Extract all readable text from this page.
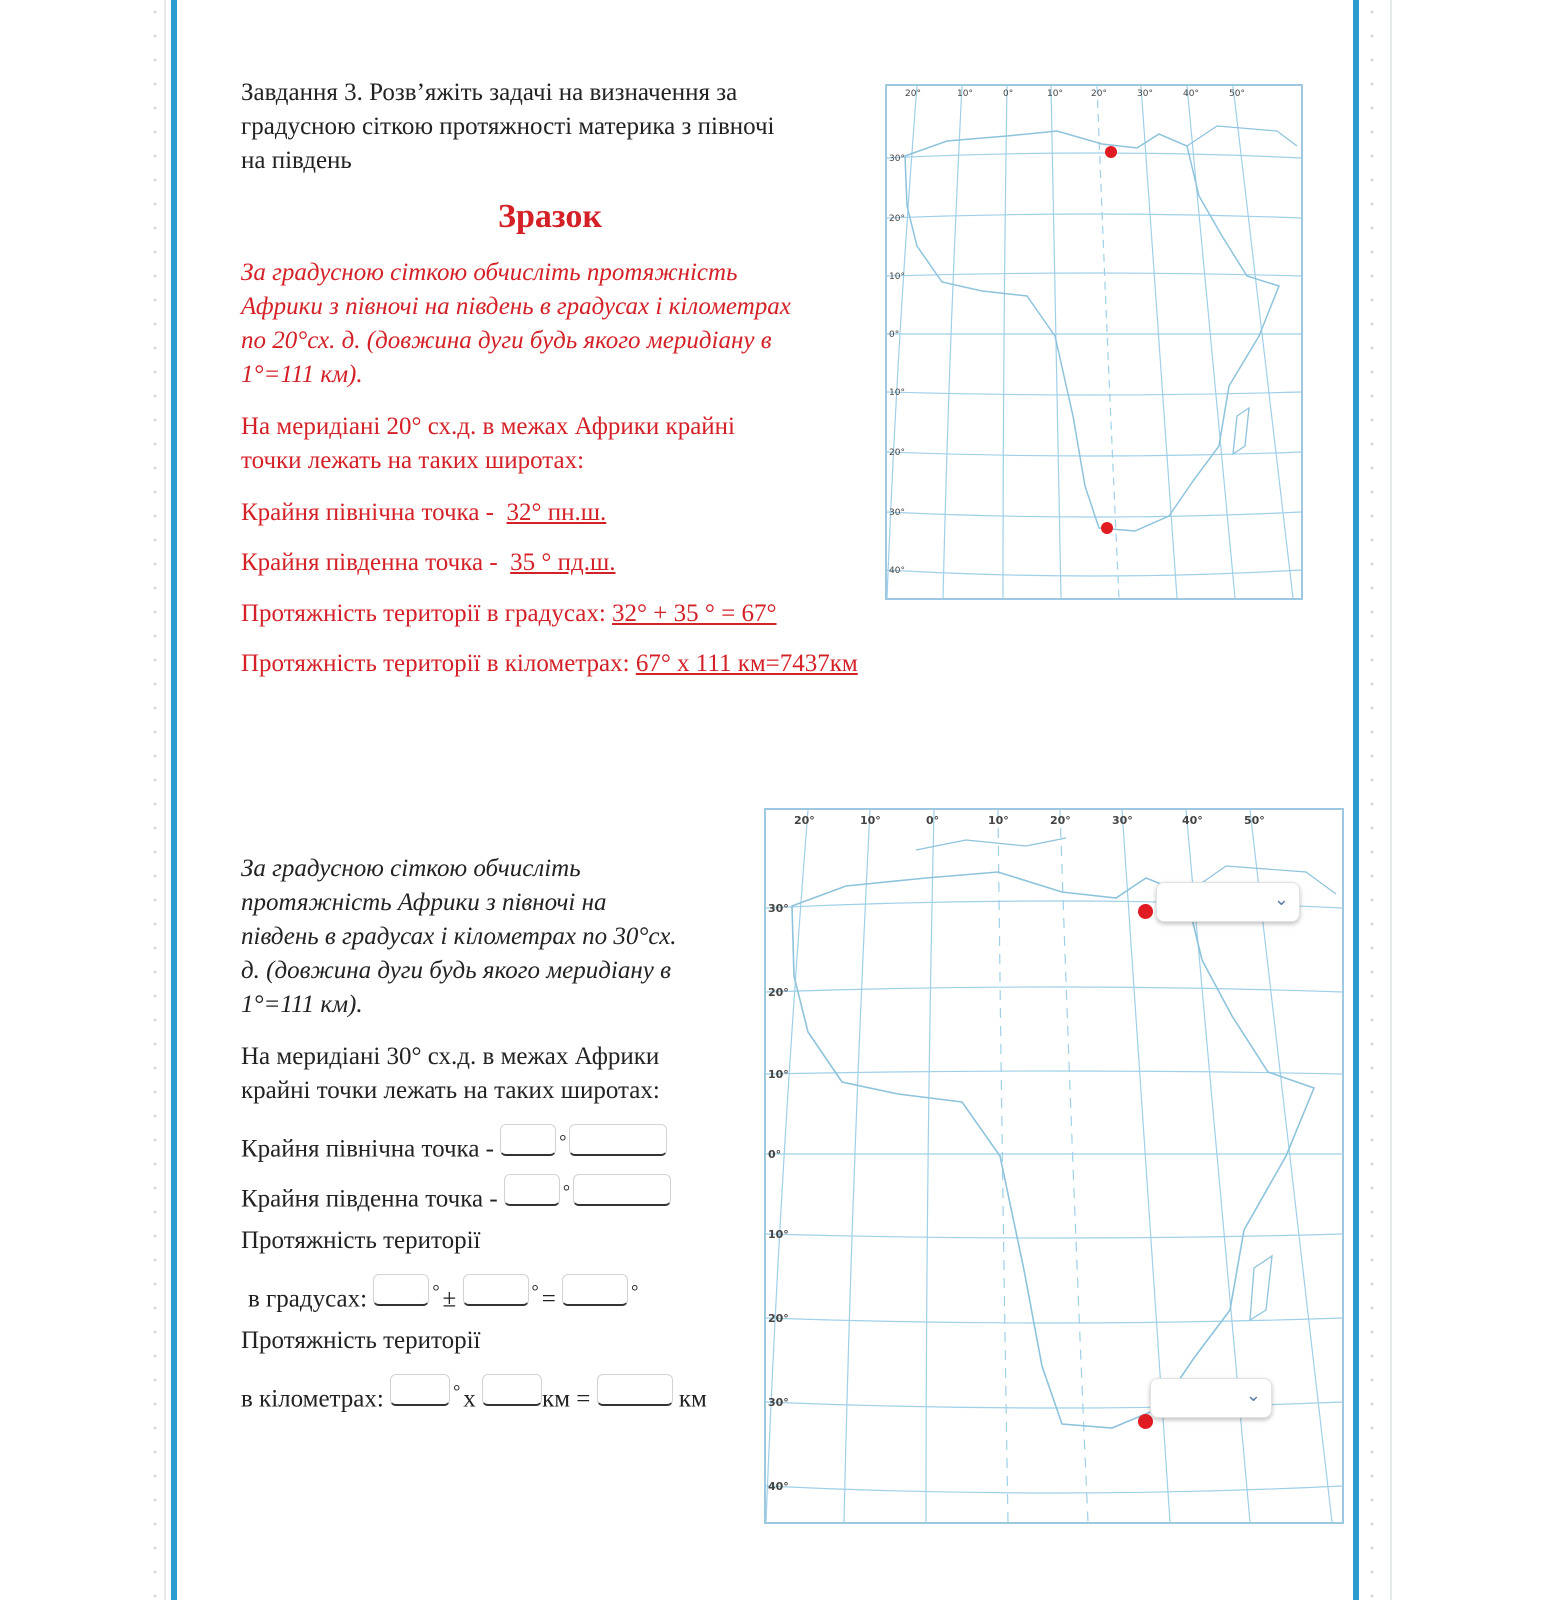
Завдання 3. Розв’яжіть задачі на визначення за
градусною сіткою протяжності материка з півночі
на південь
Зразок
За градусною сіткою обчисліть протяжність
Африки з півночі на південь в градусах і кілометрах
по 20°сх. д. (довжина дуги будь якого меридіану в
1°=111 км).
На меридіані 20° сх.д. в межах Африки крайні
точки лежать на таких широтах:
Крайня північна точка - 32° пн.ш.
Крайня південна точка - 35 ° пд.ш.
Протяжність території в градусах: 32° + 35 ° = 67°
Протяжність території в кілометрах: 67° х 111 км=7437км
20°	10°	0°	10°	20°	30°	40°	50°
30°
20°
10°
0°
10°
20°
30°
40°
За градусною сіткою обчисліть
протяжність Африки з півночі на
південь в градусах і кілометрах по 30°сх.
д. (довжина дуги будь якого меридіану в
1°=111 км).
На меридіані 30° сх.д. в межах Африки
крайні точки лежать на таких широтах:
Крайня північна точка -	°
Крайня південна точка -	°
Протяжність території
в градусах:	° ±	° =	°
Протяжність території
в кілометрах:	° х	км =	км
20°	10°	0°	10°	20°	30°	40°	50°
30°
20°
10°
0°
10°
20°
30°
40°
⌄
⌄
